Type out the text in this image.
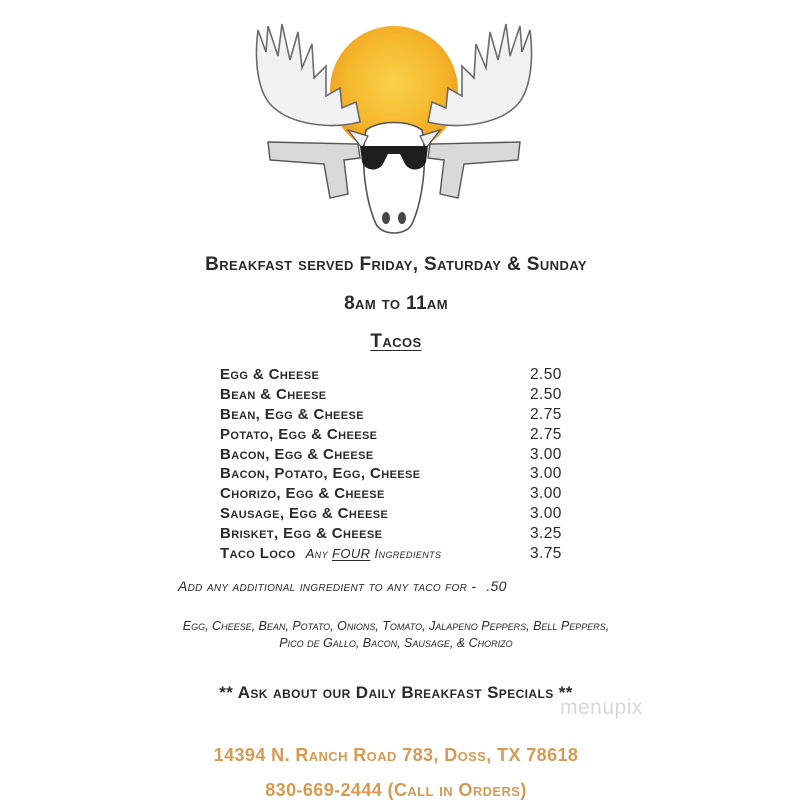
Breakfast served Friday, Saturday & Sunday
8am to 11am
Tacos
Egg & Cheese	2.50
Bean & Cheese	2.50
Bean, Egg & Cheese	2.75
Potato, Egg & Cheese	2.75
Bacon, Egg & Cheese	3.00
Bacon, Potato, Egg, Cheese	3.00
Chorizo, Egg & Cheese	3.00
Sausage, Egg & Cheese	3.00
Brisket, Egg & Cheese	3.25
Taco Loco Any FOUR Ingredients	3.75
Add any additional ingredient to any taco for - .50
Egg, Cheese, Bean, Potato, Onions, Tomato, Jalapeno Peppers, Bell Peppers,
Pico de Gallo, Bacon, Sausage, & Chorizo
** Ask about our Daily Breakfast Specials **
menupix
14394 N. Ranch Road 783, Doss, TX 78618
830-669-2444 (Call in Orders)
